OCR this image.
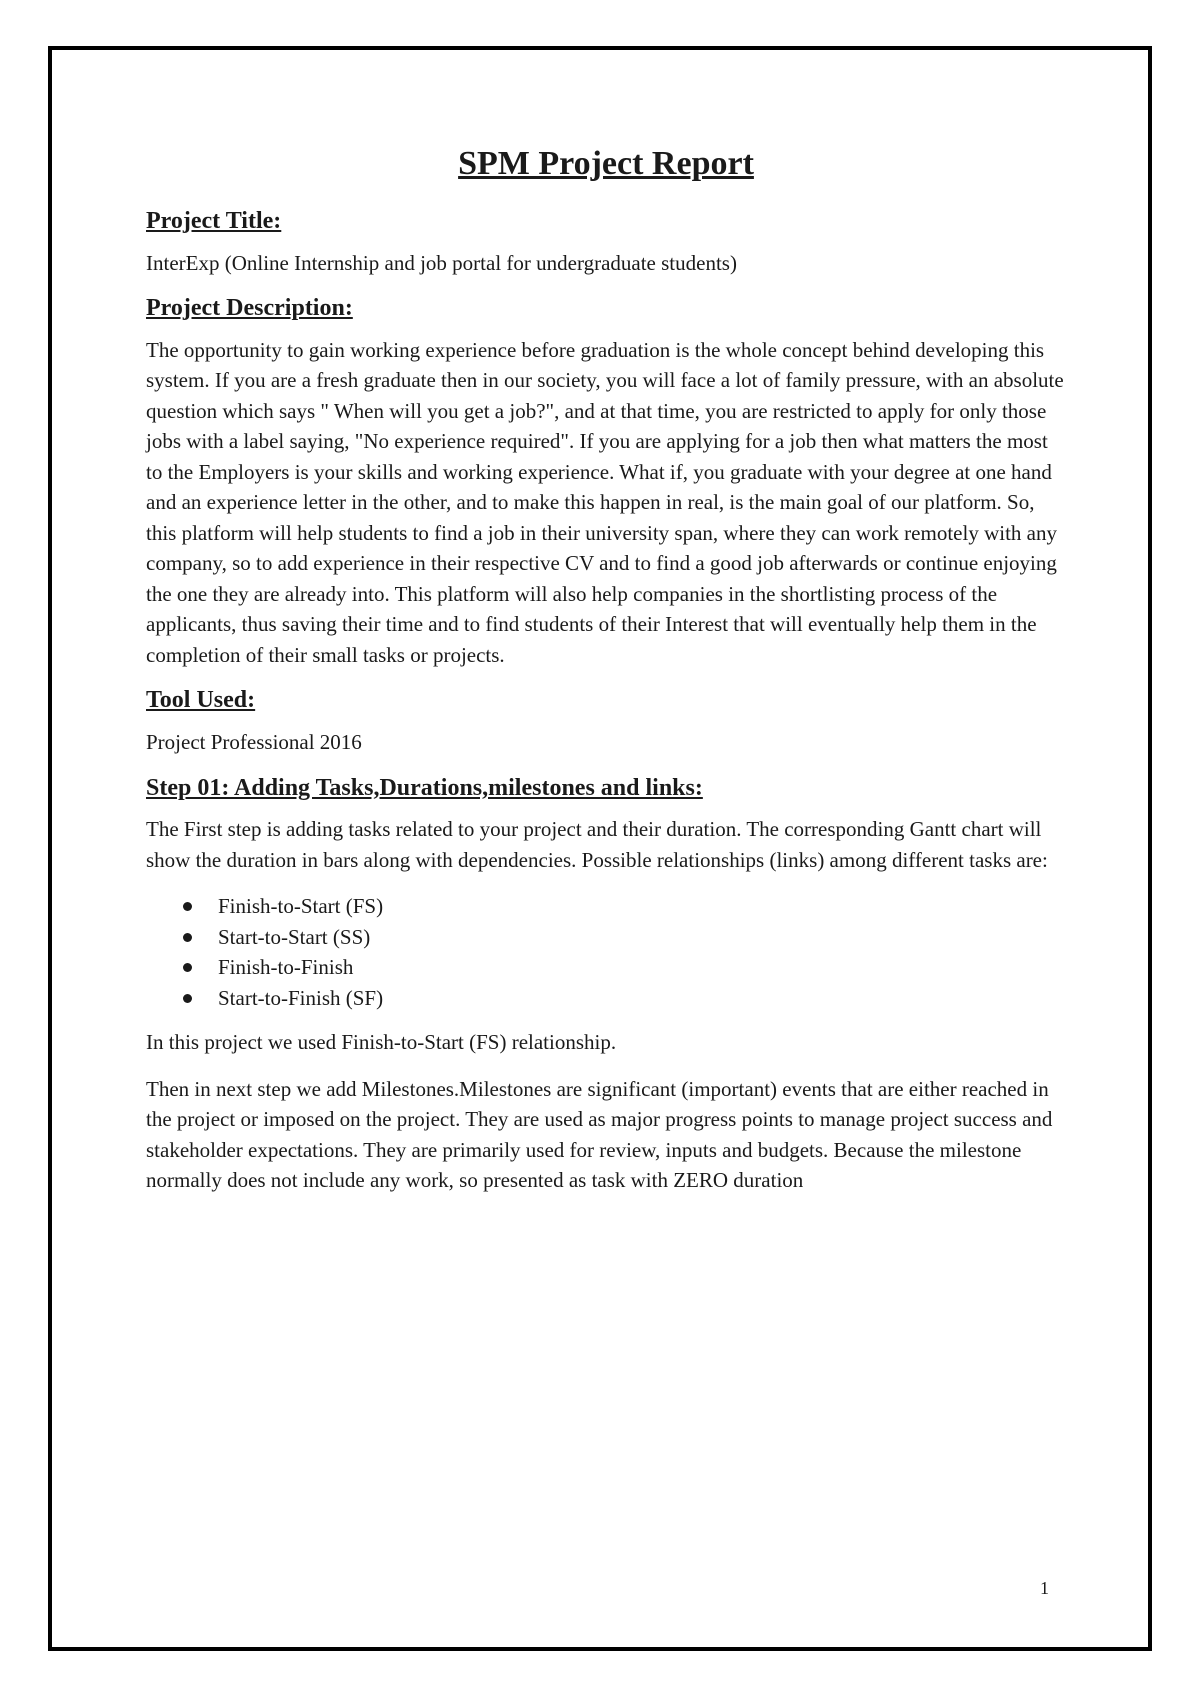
SPM Project Report
Project Title:

InterExp (Online Internship and job portal for undergraduate students)

Project Description:

The opportunity to gain working experience before graduation is the whole concept behind developing this system. If you are a fresh graduate then in our society, you will face a lot of family pressure, with an absolute question which says " When will you get a job?", and at that time, you are restricted to apply for only those jobs with a label saying, "No experience required". If you are applying for a job then what matters the most to the Employers is your skills and working experience. What if, you graduate with your degree at one hand and an experience letter in the other, and to make this happen in real, is the main goal of our platform. So, this platform will help students to find a job in their university span, where they can work remotely with any company, so to add experience in their respective CV and to find a good job afterwards or continue enjoying the one they are already into. This platform will also help companies in the shortlisting process of the applicants, thus saving their time and to find students of their Interest that will eventually help them in the completion of their small tasks or projects.

Tool Used:

Project Professional 2016

Step 01: Adding Tasks,Durations,milestones and links:

The First step is adding tasks related to your project and their duration. The corresponding Gantt chart will show the duration in bars along with dependencies. Possible relationships (links) among different tasks are:

Finish-to-Start (FS)
Start-to-Start (SS)
Finish-to-Finish
Start-to-Finish (SF)

In this project we used Finish-to-Start (FS) relationship.

Then in next step we add Milestones.Milestones are significant (important) events that are either reached in the project or imposed on the project. They are used as major progress points to manage project success and stakeholder expectations. They are primarily used for review, inputs and budgets. Because the milestone normally does not include any work, so presented as task with ZERO duration

1
